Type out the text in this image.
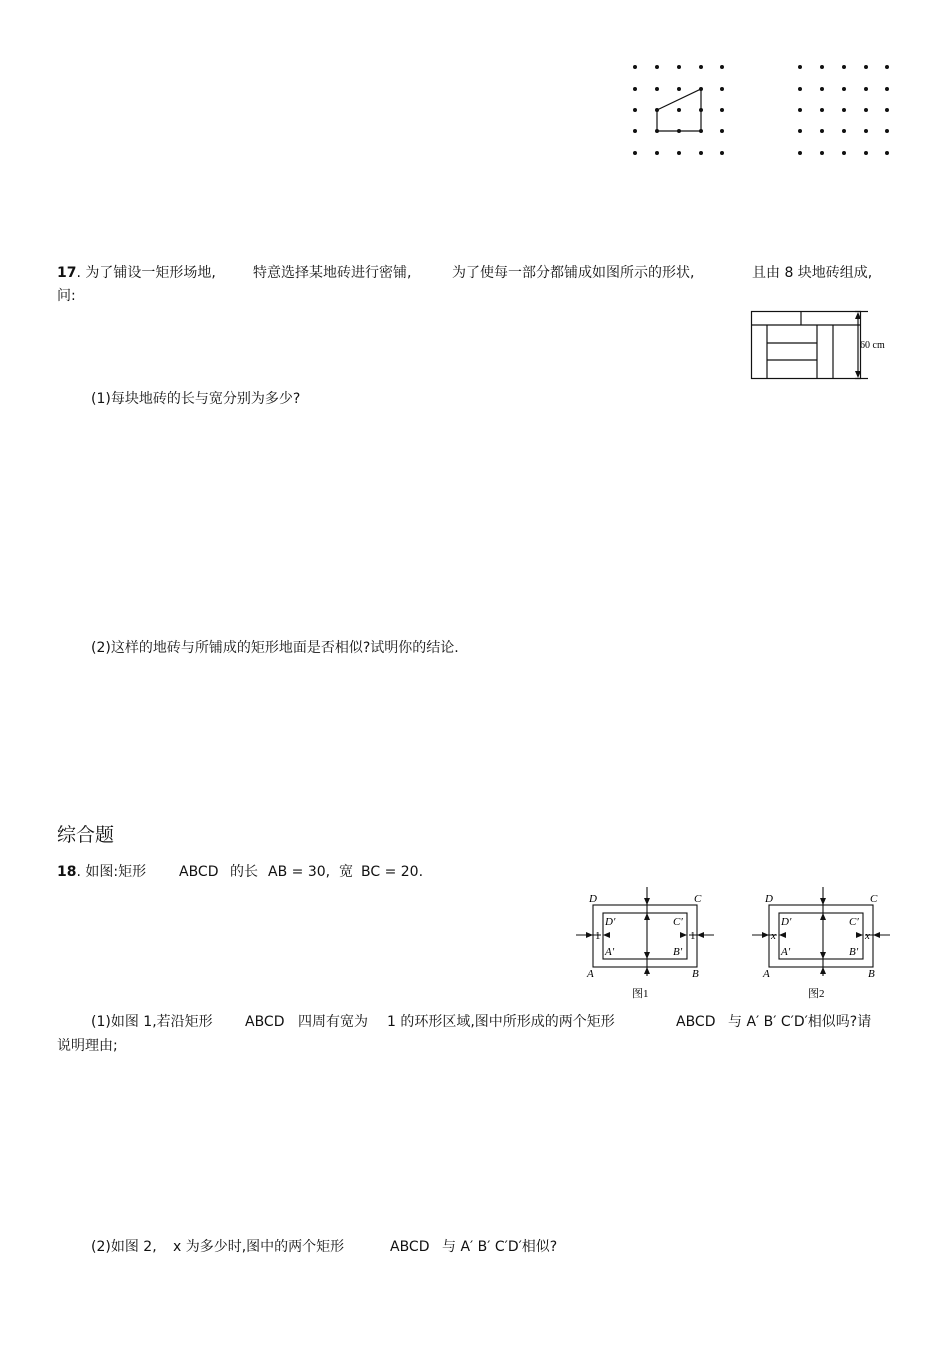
17. 为了铺设一矩形场地,	特意选择某地砖进行密铺,	为了使每一部分都铺成如图所示的形状,	且由 8 块地砖组成,
问:
60 cm
(1)每块地砖的长与宽分别为多少?
(2)这样的地砖与所铺成的矩形地面是否相似?试明你的结论.
综合题
18. 如图:矩形 ABCD 的长 AB = 30, 宽 BC = 20.
D	C
A	B
D′	C′
A′	B′
1	1
图1
D	C
A	B
D′	C′
A′	B′
x	x
图2
(1)如图 1,若沿矩形 ABCD 四周有宽为 1 的环形区域,图中所形成的两个矩形	ABCD 与 A′ B′ C′D′相似吗?请
说明理由;
(2)如图 2, x 为多少时,图中的两个矩形	ABCD 与 A′ B′ C′D′相似?
